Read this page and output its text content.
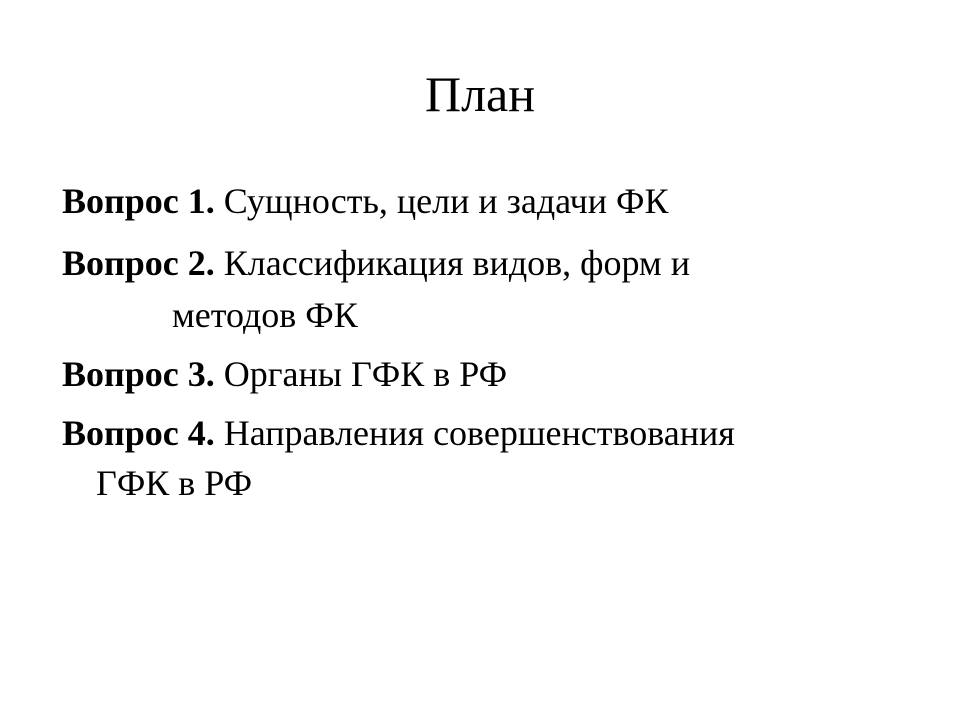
План
Вопрос 1. Сущность, цели и задачи ФК
Вопрос 2. Классификация видов, форм и
методов ФК
Вопрос 3. Органы ГФК в РФ
Вопрос 4. Направления совершенствования
ГФК в РФ
